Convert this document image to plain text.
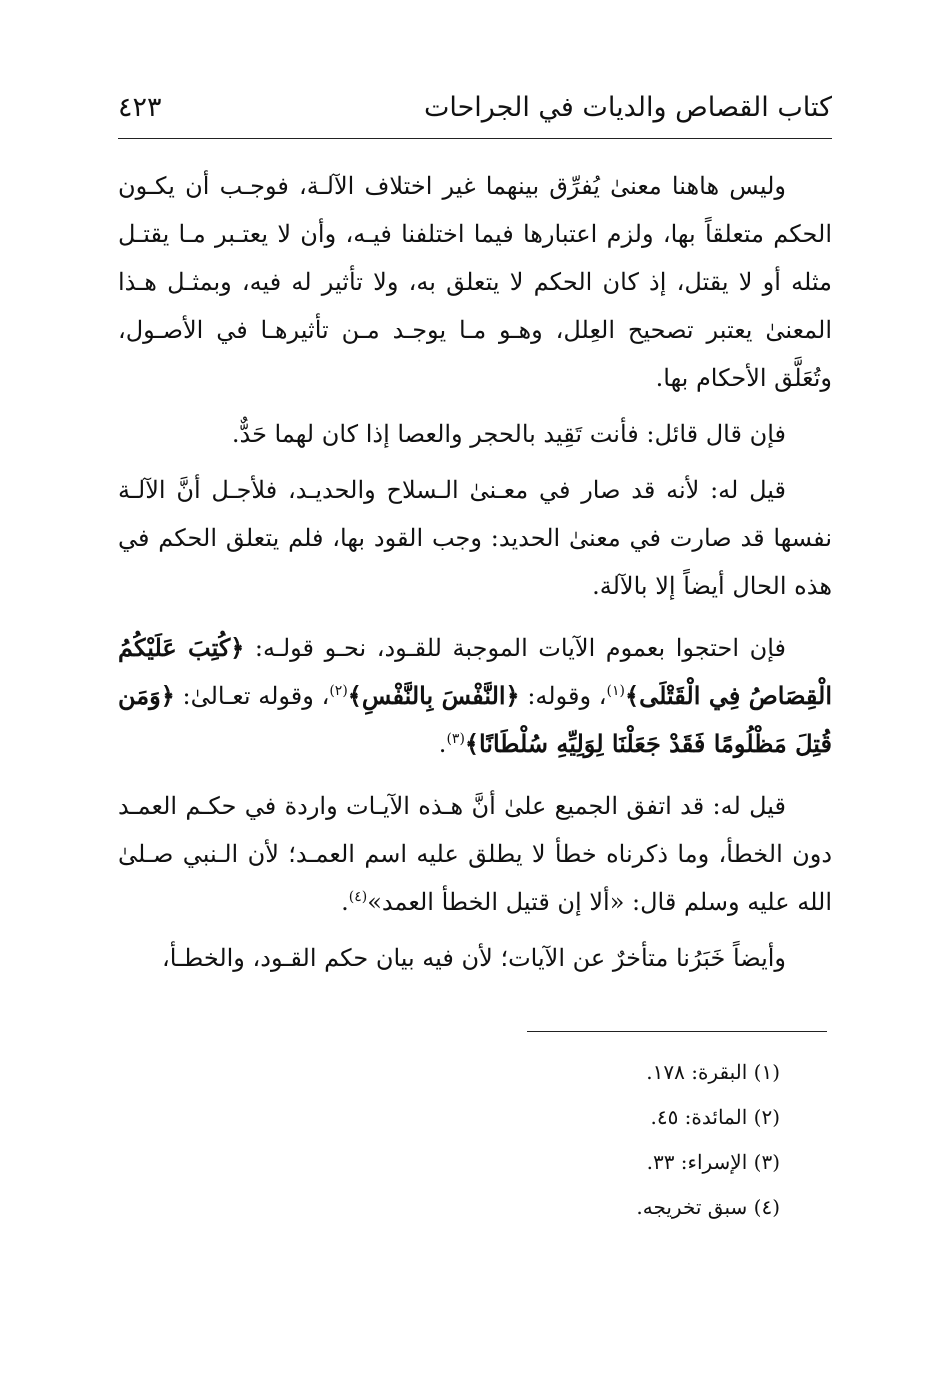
كتاب القصاص والديات في الجراحات
٤٢٣

وليس هاهنا معنىٰ يُفرِّق بينهما غير اختلاف الآلـة، فوجـب أن يكـون الحكم متعلقاً بها، ولزم اعتبارها فيما اختلفنا فيـه، وأن لا يعتـبر مـا يقتـل مثله أو لا يقتل، إذ كان الحكم لا يتعلق به، ولا تأثير له فيه، وبمثـل هـذا المعنىٰ يعتبر تصحيح العِلل، وهـو مـا يوجـد مـن تأثيرهـا في الأصـول، وتُعَلَّق الأحكام بها.

فإن قال قائل: فأنت تَقِيد بالحجر والعصا إذا كان لهما حَدٌّ.

قيل له: لأنه قد صار في معـنىٰ الـسلاح والحديـد، فلأجـل أنَّ الآلـة نفسها قد صارت في معنىٰ الحديد: وجب القود بها، فلم يتعلق الحكم في هذه الحال أيضاً إلا بالآلة.

فإن احتجوا بعموم الآيات الموجبة للقـود، نحـو قولـه: ﴿كُتِبَ عَلَيْكُمُ الْقِصَاصُ فِي الْقَتْلَى﴾$^{(١)}$، وقوله: ﴿النَّفْسَ بِالنَّفْسِ﴾$^{(٢)}$، وقوله تعـالىٰ: ﴿وَمَن قُتِلَ مَظْلُومًا فَقَدْ جَعَلْنَا لِوَلِيِّهِ سُلْطَانًا﴾$^{(٣)}$.

قيل له: قد اتفق الجميع علىٰ أنَّ هـذه الآيـات واردة في حكـم العمـد دون الخطأ، وما ذكرناه خطأ لا يطلق عليه اسم العمـد؛ لأن الـنبي صـلىٰ الله عليه وسلم قال: «ألا إن قتيل الخطأ العمد»$^{(٤)}$.

وأيضاً خَبَرُنا متأخرٌ عن الآيات؛ لأن فيه بيان حكم القـود، والخطـأ،

(١) البقرة: ١٧٨.
(٢) المائدة: ٤٥.
(٣) الإسراء: ٣٣.
(٤) سبق تخريجه.
